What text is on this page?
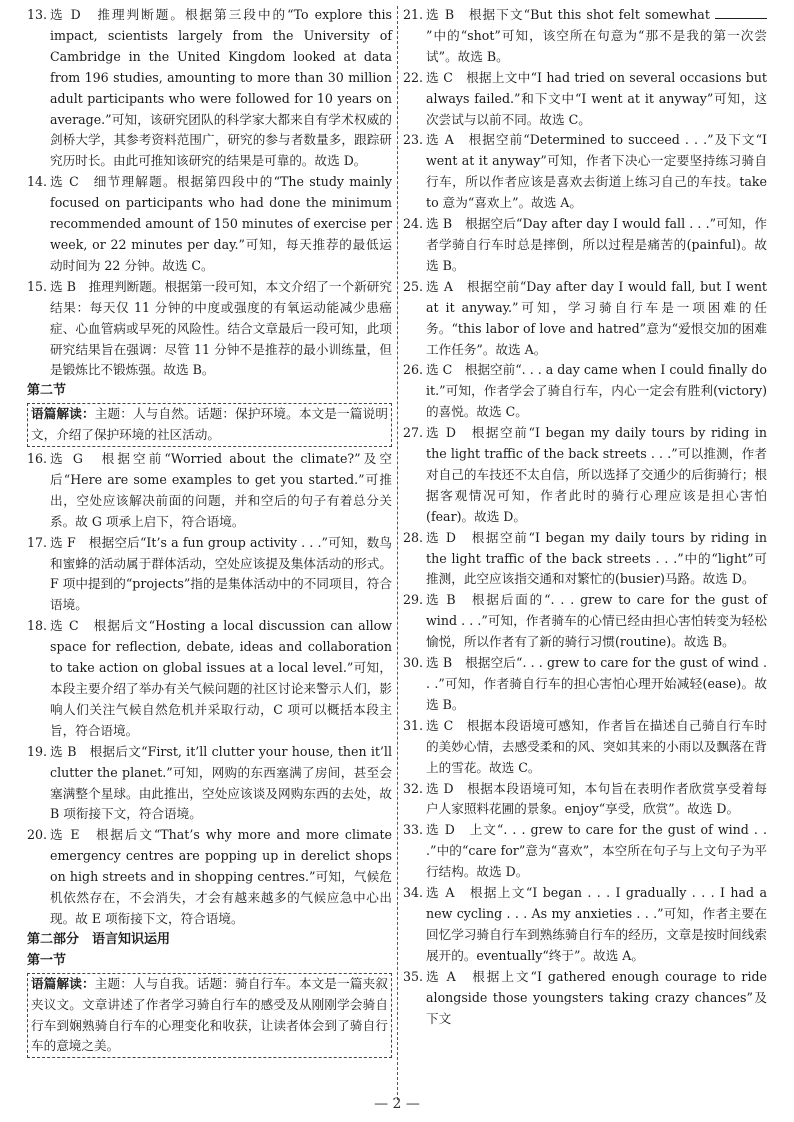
13. 选 D　推理判断题。根据第三段中的“To explore this impact, scientists largely from the University of Cambridge in the United Kingdom looked at data from 196 studies, amounting to more than 30 million adult participants who were followed for 10 years on average.”可知，该研究团队的科学家大都来自有学术权威的剑桥大学，其参考资料范围广，研究的参与者数量多，跟踪研究历时长。由此可推知该研究的结果是可靠的。故选 D。
14. 选 C　细节理解题。根据第四段中的“The study mainly focused on participants who had done the minimum recommended amount of 150 minutes of exercise per week, or 22 minutes per day.”可知，每天推荐的最低运动时间为 22 分钟。故选 C。
15. 选 B　推理判断题。根据第一段可知，本文介绍了一个新研究结果：每天仅 11 分钟的中度或强度的有氧运动能减少患癌症、心血管病或早死的风险性。结合文章最后一段可知，此项研究结果旨在强调：尽管 11 分钟不是推荐的最小训练量，但是锻炼比不锻炼强。故选 B。
第二节
语篇解读：主题：人与自然。话题：保护环境。本文是一篇说明文，介绍了保护环境的社区活动。
16. 选 G　根据空前“Worried about the climate?”及空后“Here are some examples to get you started.”可推出，空处应该解决前面的问题，并和空后的句子有着总分关系。故 G 项承上启下，符合语境。
17. 选 F　根据空后“It’s a fun group activity . . .”可知，数鸟和蜜蜂的活动属于群体活动，空处应该提及集体活动的形式。F 项中提到的“projects”指的是集体活动中的不同项目，符合语境。
18. 选 C　根据后文“Hosting a local discussion can allow space for reflection, debate, ideas and collaboration to take action on global issues at a local level.”可知，本段主要介绍了举办有关气候问题的社区讨论来警示人们，影响人们关注气候自然危机并采取行动，C 项可以概括本段主旨，符合语境。
19. 选 B　根据后文“First, it’ll clutter your house, then it’ll clutter the planet.”可知，网购的东西塞满了房间，甚至会塞满整个星球。由此推出，空处应该谈及网购东西的去处，故 B 项衔接下文，符合语境。
20. 选 E　根据后文“That’s why more and more climate emergency centres are popping up in derelict shops on high streets and in shopping centres.”可知，气候危机依然存在，不会消失，才会有越来越多的气候应急中心出现。故 E 项衔接下文，符合语境。
第二部分　语言知识运用
第一节
语篇解读：主题：人与自我。话题：骑自行车。本文是一篇夹叙夹议文。文章讲述了作者学习骑自行车的感受及从刚刚学会骑自行车到娴熟骑自行车的心理变化和收获，让读者体会到了骑自行车的意境之美。
21. 选 B　根据下文“But this shot felt somewhat ”中的“shot”可知，该空所在句意为“那不是我的第一次尝试”。故选 B。
22. 选 C　根据上文中“I had tried on several occasions but always failed.”和下文中“I went at it anyway”可知，这次尝试与以前不同。故选 C。
23. 选 A　根据空前“Determined to succeed . . .”及下文“I went at it anyway”可知，作者下决心一定要坚持练习骑自行车，所以作者应该是喜欢去街道上练习自己的车技。take to 意为“喜欢上”。故选 A。
24. 选 B　根据空后“Day after day I would fall . . .”可知，作者学骑自行车时总是摔倒，所以过程是痛苦的(painful)。故选 B。
25. 选 A　根据空前“Day after day I would fall, but I went at it anyway.”可知，学习骑自行车是一项困难的任务。“this labor of love and hatred”意为“爱恨交加的困难工作任务”。故选 A。
26. 选 C　根据空前“. . . a day came when I could finally do it.”可知，作者学会了骑自行车，内心一定会有胜利(victory)的喜悦。故选 C。
27. 选 D　根据空前“I began my daily tours by riding in the light traffic of the back streets . . .”可以推测，作者对自己的车技还不太自信，所以选择了交通少的后街骑行；根据客观情况可知，作者此时的骑行心理应该是担心害怕(fear)。故选 D。
28. 选 D　根据空前“I began my daily tours by riding in the light traffic of the back streets . . .”中的“light”可推测，此空应该指交通和对繁忙的(busier)马路。故选 D。
29. 选 B　根据后面的“. . . grew to care for the gust of wind . . .”可知，作者骑车的心情已经由担心害怕转变为轻松愉悦，所以作者有了新的骑行习惯(routine)。故选 B。
30. 选 B　根据空后“. . . grew to care for the gust of wind . . .”可知，作者骑自行车的担心害怕心理开始减轻(ease)。故选 B。
31. 选 C　根据本段语境可感知，作者旨在描述自己骑自行车时的美妙心情，去感受柔和的风、突如其来的小雨以及飘落在背上的雪花。故选 C。
32. 选 D　根据本段语境可知，本句旨在表明作者欣赏享受着每户人家照料花圃的景象。enjoy“享受，欣赏”。故选 D。
33. 选 D　上文“. . . grew to care for the gust of wind . . .”中的“care for”意为“喜欢”，本空所在句子与上文句子为平行结构。故选 D。
34. 选 A　根据上文“I began . . . I gradually . . . I had a new cycling . . . As my anxieties . . .”可知，作者主要在回忆学习骑自行车到熟练骑自行车的经历，文章是按时间线索展开的。eventually“终于”。故选 A。
35. 选 A　根据上文“I gathered enough courage to ride alongside those youngsters taking crazy chances”及下文
— 2 —
